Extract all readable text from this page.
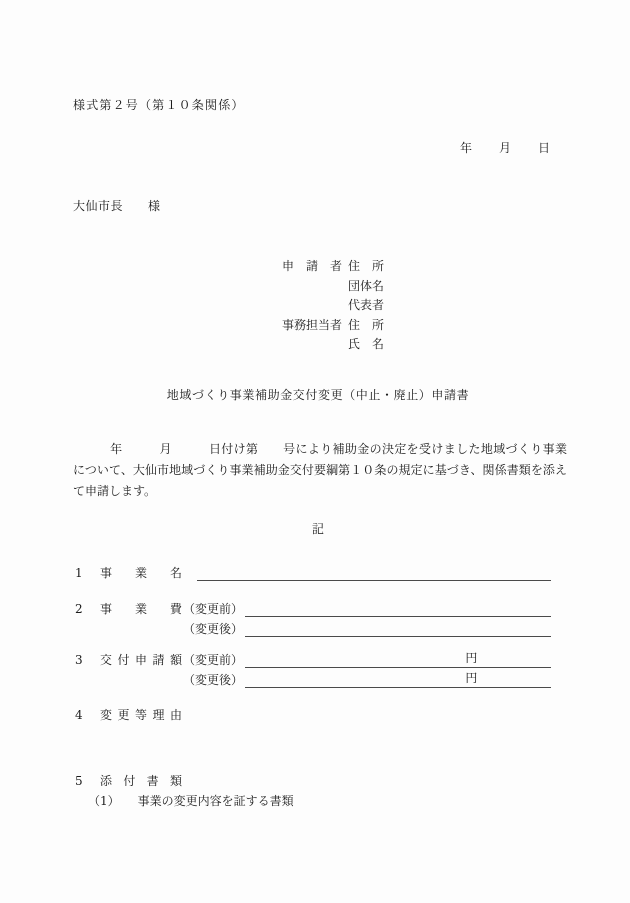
様式第２号（第１０条関係）
年　　月　　日
大仙市長　　様
申　請　者 住　所
団体名
代表者
事務担当者 住　所
氏　名
地域づくり事業補助金交付変更（中止・廃止）申請書
　　　年　　　月　　　日付け第　　号により補助金の決定を受けました地域づくり事業
について、大仙市地域づくり事業補助金交付要綱第１０条の規定に基づき、関係書類を添え
て申請します。
記
1	事　業　名
2	事　業　費 （変更前）
（変更後）
3	交付申請額 （変更前）	円
（変更後）	円
4	変更等理由
5	添付書類
（1）　　事業の変更内容を証する書類
